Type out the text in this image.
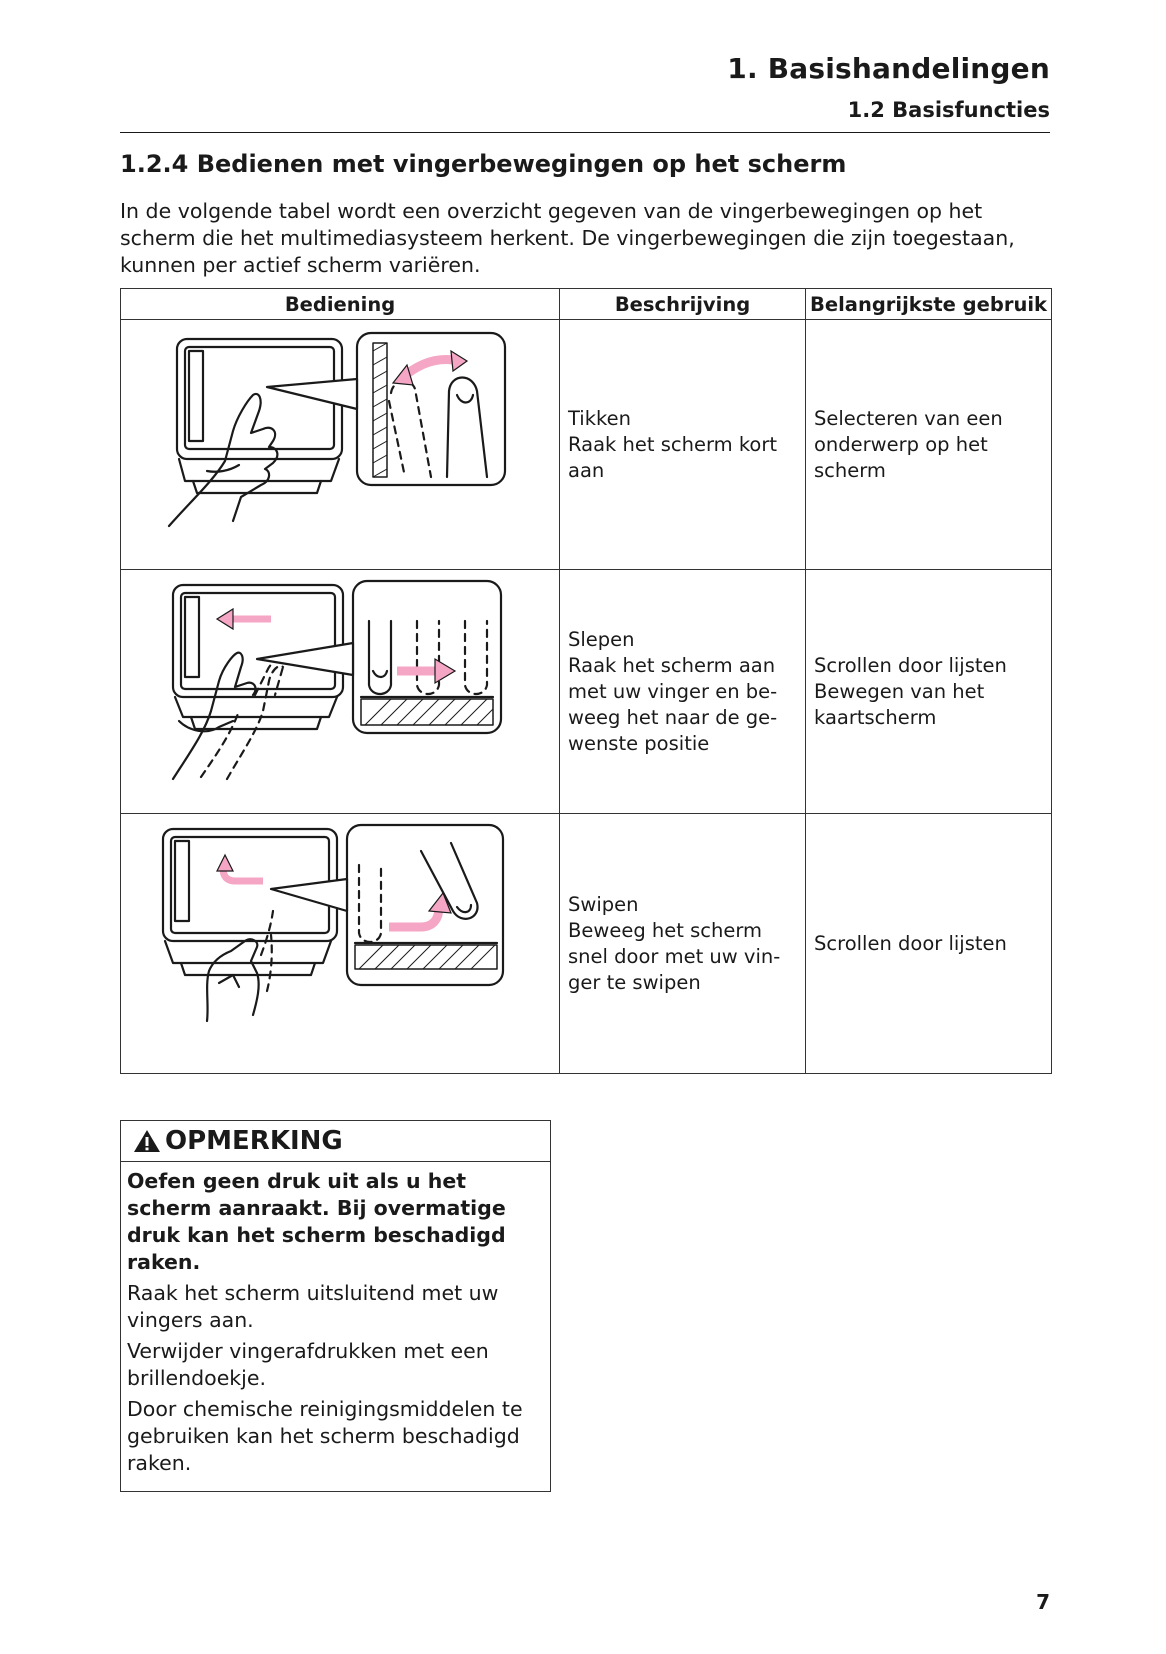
1. Basishandelingen
1.2 Basisfuncties
1.2.4 Bedienen met vingerbewegingen op het scherm

In de volgende tabel wordt een overzicht gegeven van de vingerbewegingen op het scherm die het multimediasysteem herkent. De vingerbewegingen die zijn toegestaan, kunnen per actief scherm variëren.

Bediening	Beschrijving	Belangrijkste gebruik

Tikken
Raak het scherm kort
aan	Selecteren van een
onderwerp op het
scherm

Slepen
Raak het scherm aan
met uw vinger en be-
weeg het naar de ge-
wenste positie	Scrollen door lijsten
Bewegen van het
kaartscherm

Swipen
Beweeg het scherm
snel door met uw vin-
ger te swipen	Scrollen door lijsten
OPMERKING

Oefen geen druk uit als u het scherm aanraakt. Bij overmatige druk kan het scherm beschadigd raken.

Raak het scherm uitsluitend met uw vingers aan.

Verwijder vingerafdrukken met een brillendoekje.

Door chemische reinigingsmiddelen te gebruiken kan het scherm beschadigd raken.

7
